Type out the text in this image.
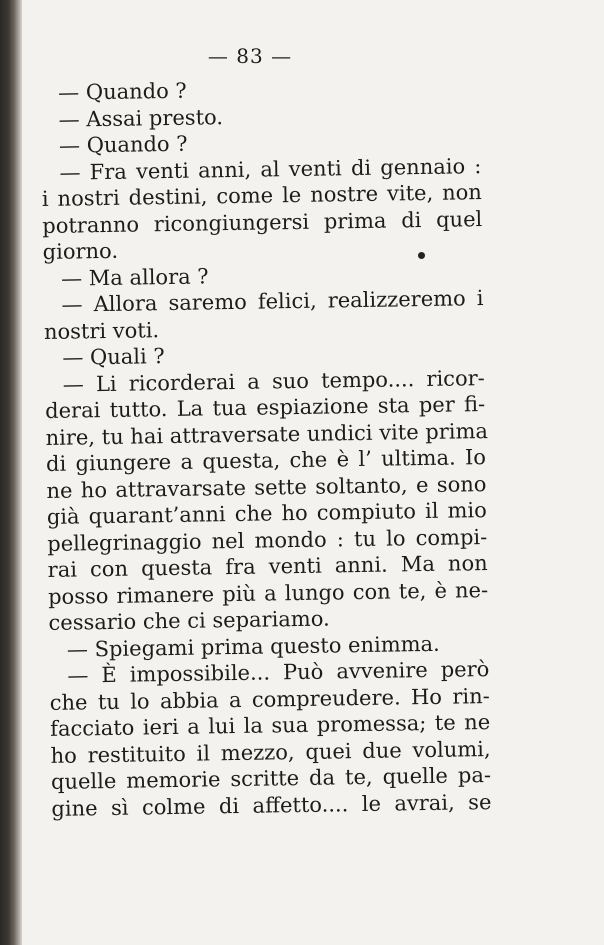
— 83 —
— Quando ?
— Assai presto.
— Quando ?
— Fra venti anni, al venti di gennaio :
i nostri destini, come le nostre vite, non
potranno ricongiungersi prima di quel
giorno.
— Ma allora ?
— Allora saremo felici, realizzeremo i
nostri voti.
— Quali ?
— Li ricorderai a suo tempo.... ricor-
derai tutto. La tua espiazione sta per fi-
nire, tu hai attraversate undici vite prima
di giungere a questa, che è l’ ultima. Io
ne ho attravarsate sette soltanto, e sono
già quarant’anni che ho compiuto il mio
pellegrinaggio nel mondo : tu lo compi-
rai con questa fra venti anni. Ma non
posso rimanere più a lungo con te, è ne-
cessario che ci separiamo.
— Spiegami prima questo enimma.
— È impossibile... Può avvenire però
che tu lo abbia a compreudere. Ho rin-
facciato ieri a lui la sua promessa; te ne
ho restituito il mezzo, quei due volumi,
quelle memorie scritte da te, quelle pa-
gine sì colme di affetto.... le avrai, se
